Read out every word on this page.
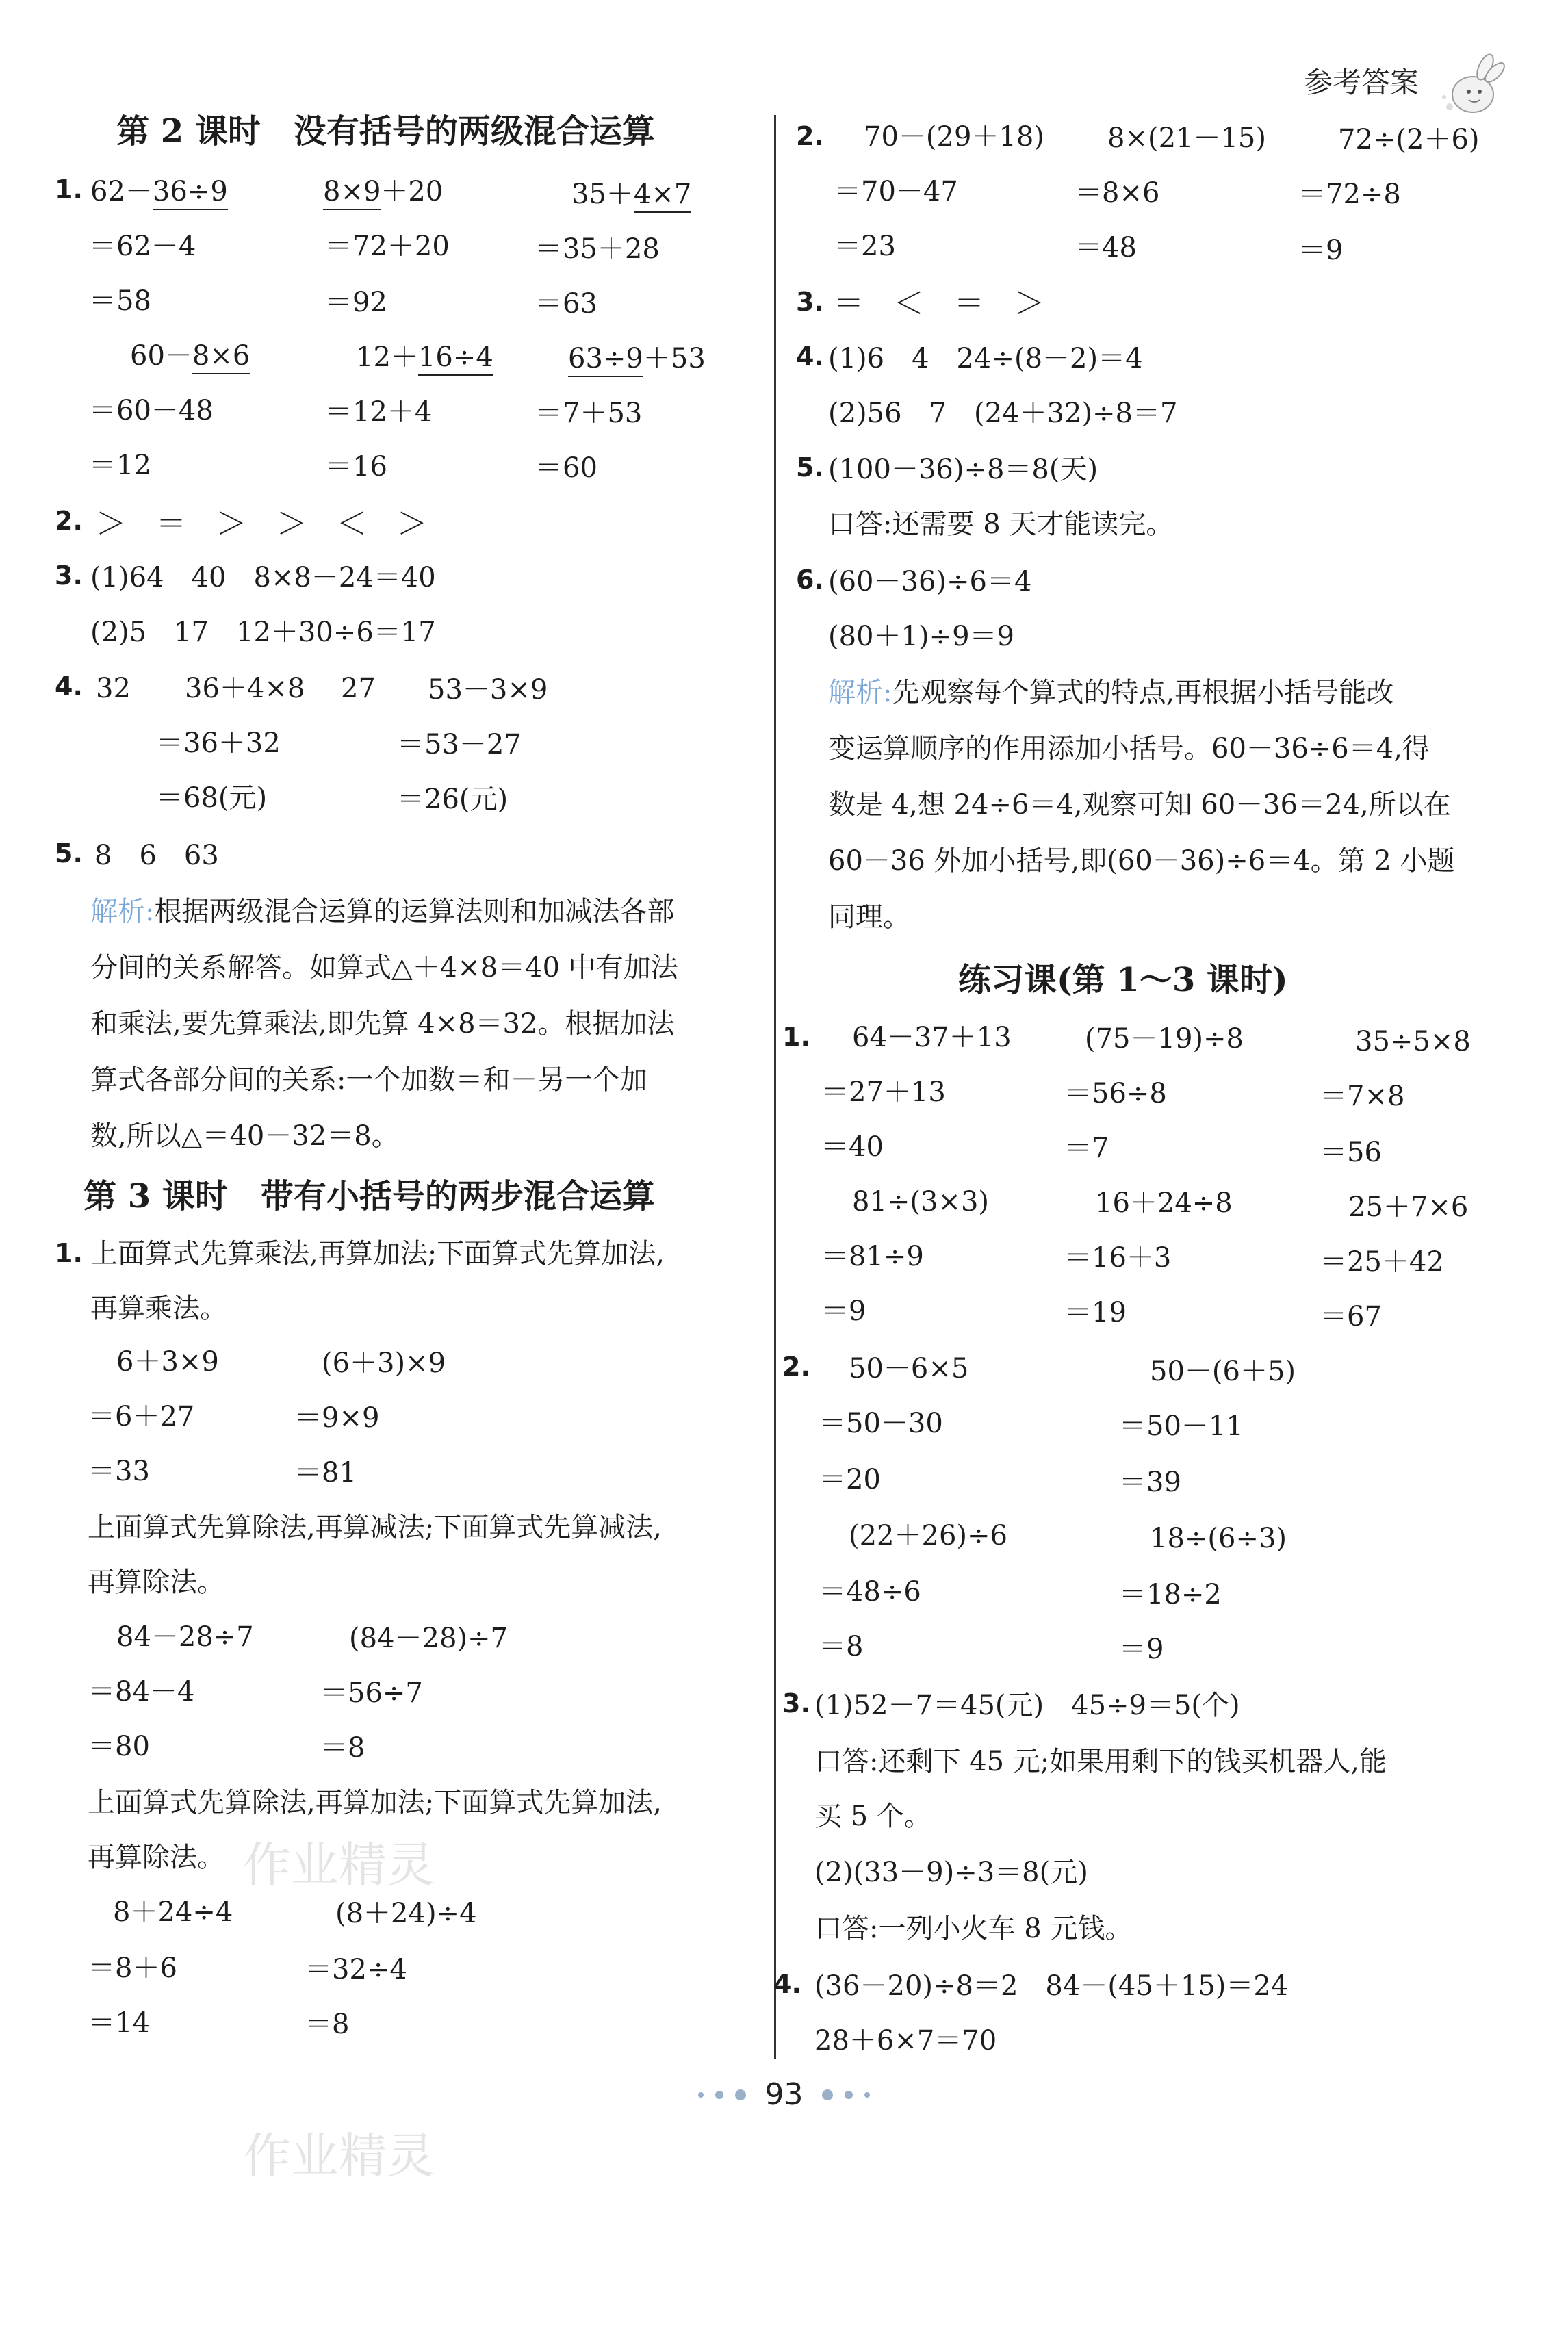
参考答案
第 2 课时　没有括号的两级混合运算
1. 62－36÷9	8×9＋20	35＋4×7
＝62－4	＝72＋20	＝35＋28
＝58	＝92	＝63
60－8×6	12＋16÷4	63÷9＋53
＝60－48	＝12＋4	＝7＋53
＝12	＝16	＝60
2. ＞　＝　＞　＞　＜　＞
3. (1)64　40　8×8－24＝40
(2)5　17　12＋30÷6＝17
4. 32 36＋4×8 27 53－3×9
＝36＋32	＝53－27
＝68(元)	＝26(元)
5. 8　6　63
解析:根据两级混合运算的运算法则和加减法各部
分间的关系解答。如算式△＋4×8＝40 中有加法
和乘法,要先算乘法,即先算 4×8＝32。根据加法
算式各部分间的关系:一个加数＝和－另一个加
数,所以△＝40－32＝8。
第 3 课时　带有小括号的两步混合运算
1. 上面算式先算乘法,再算加法;下面算式先算加法,
再算乘法。
6＋3×9	(6＋3)×9
＝6＋27	＝9×9
＝33	＝81
上面算式先算除法,再算减法;下面算式先算减法,
再算除法。
84－28÷7	(84－28)÷7
＝84－4	＝56÷7
＝80	＝8
上面算式先算除法,再算加法;下面算式先算加法,
再算除法。
8＋24÷4	(8＋24)÷4
＝8＋6	＝32÷4
＝14	＝8
2. 70－(29＋18) 8×(21－15)	72÷(2＋6)
＝70－47	＝8×6	＝72÷8
＝23	＝48	＝9
3. ＝　＜　＝　＞
4. (1)6　4　24÷(8－2)＝4
(2)56　7　(24＋32)÷8＝7
5. (100－36)÷8＝8(天)
口答:还需要 8 天才能读完。
6. (60－36)÷6＝4
(80＋1)÷9＝9
解析:先观察每个算式的特点,再根据小括号能改
变运算顺序的作用添加小括号。60－36÷6＝4,得
数是 4,想 24÷6＝4,观察可知 60－36＝24,所以在
60－36 外加小括号,即(60－36)÷6＝4。第 2 小题
同理。
练习课(第 1～3 课时)
1. 64－37＋13	(75－19)÷8	35÷5×8
＝27＋13	＝56÷8	＝7×8
＝40	＝7	＝56
81÷(3×3)	16＋24÷8	25＋7×6
＝81÷9	＝16＋3	＝25＋42
＝9	＝19	＝67
2. 50－6×5	50－(6＋5)
＝50－30	＝50－11
＝20	＝39
(22＋26)÷6	18÷(6÷3)
＝48÷6	＝18÷2
＝8	＝9
3. (1)52－7＝45(元)　45÷9＝5(个)
口答:还剩下 45 元;如果用剩下的钱买机器人,能
买 5 个。
(2)(33－9)÷3＝8(元)
口答:一列小火车 8 元钱。
4. (36－20)÷8＝2　84－(45＋15)＝24
28＋6×7＝70
作业精灵
作业精灵
93
